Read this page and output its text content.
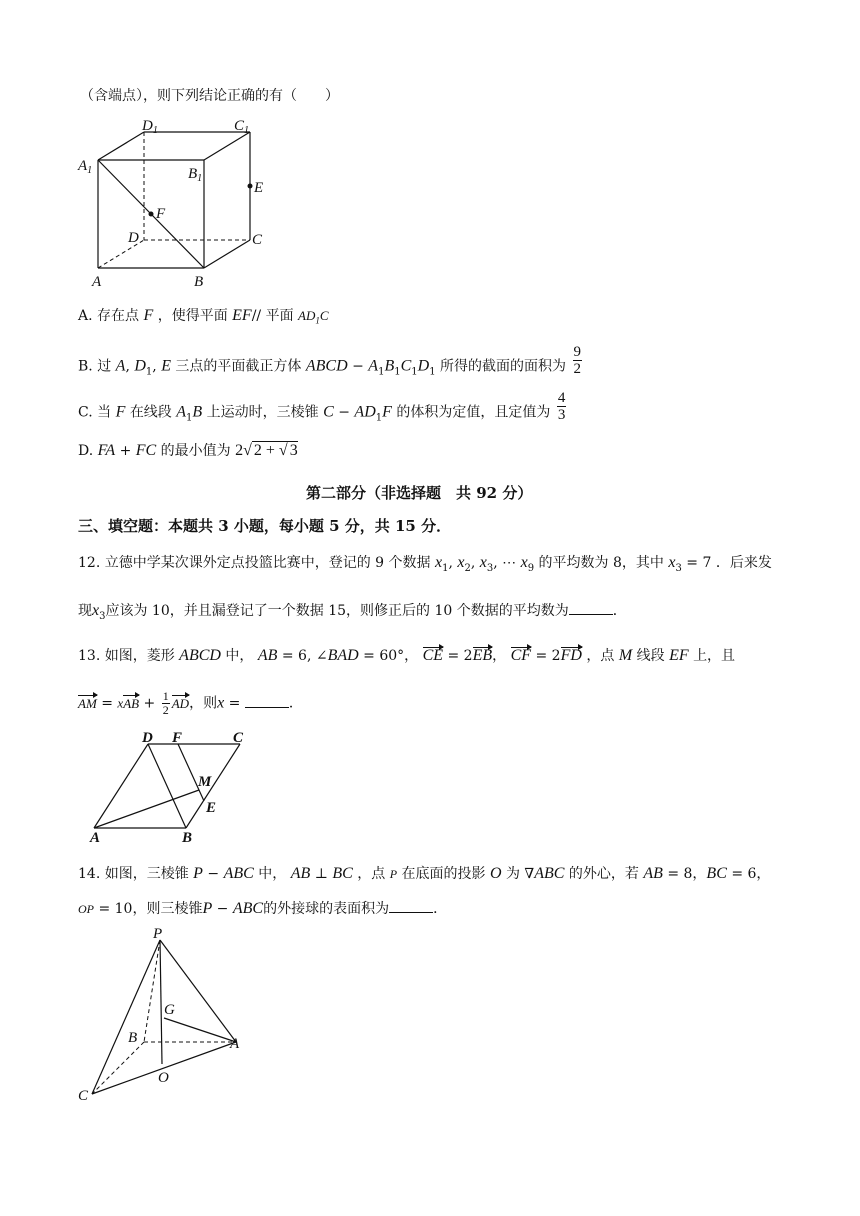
（含端点），则下列结论正确的有（　　）
$D_1$	$C_1$
$A_1$	$B_1$
E
F
D	C
A	B
A. 存在点 F ，使得平面 EF// 平面 $AD_1C$
B. 过 A, $D_1$, E 三点的平面截正方体 ABCD − $A_1B_1C_1D_1$ 所得的截面的面积为 $\frac{9}{2}$
C. 当 F 在线段 $A_1B$ 上运动时，三棱锥 $C - AD_1F$ 的体积为定值，且定值为 $\frac{4}{3}$
D. FA + FC 的最小值为 2√ 2 + √ 3
第二部分（非选择题　共 92 分）
三、填空题：本题共 3 小题，每小题 5 分，共 15 分．
12. 立德中学某次课外定点投篮比赛中，登记的 9 个数据 $x_1$, $x_2$, $x_3$, ⋯ $x_9$ 的平均数为 8，其中 $x_3 = 7$ ．后来发
现$x_3$应该为 10，并且漏登记了一个数据 15，则修正后的 10 个数据的平均数为	．
13. 如图，菱形 ABCD 中， AB = 6, ∠BAD = 60°， CE = 2EB， CF = 2FD ，点 M 线段 EF 上，且
AM = xAB + $\frac{1}{2}$ AD，则x =	．
D F	C
M
E
A	B
14. 如图，三棱锥 P − ABC 中， AB ⊥ BC ，点 P 在底面的投影 O 为 ∇ABC 的外心，若 AB = 8，BC = 6，
OP = 10，则三棱锥P − ABC的外接球的表面积为	．
P
G
B	A
O
C
